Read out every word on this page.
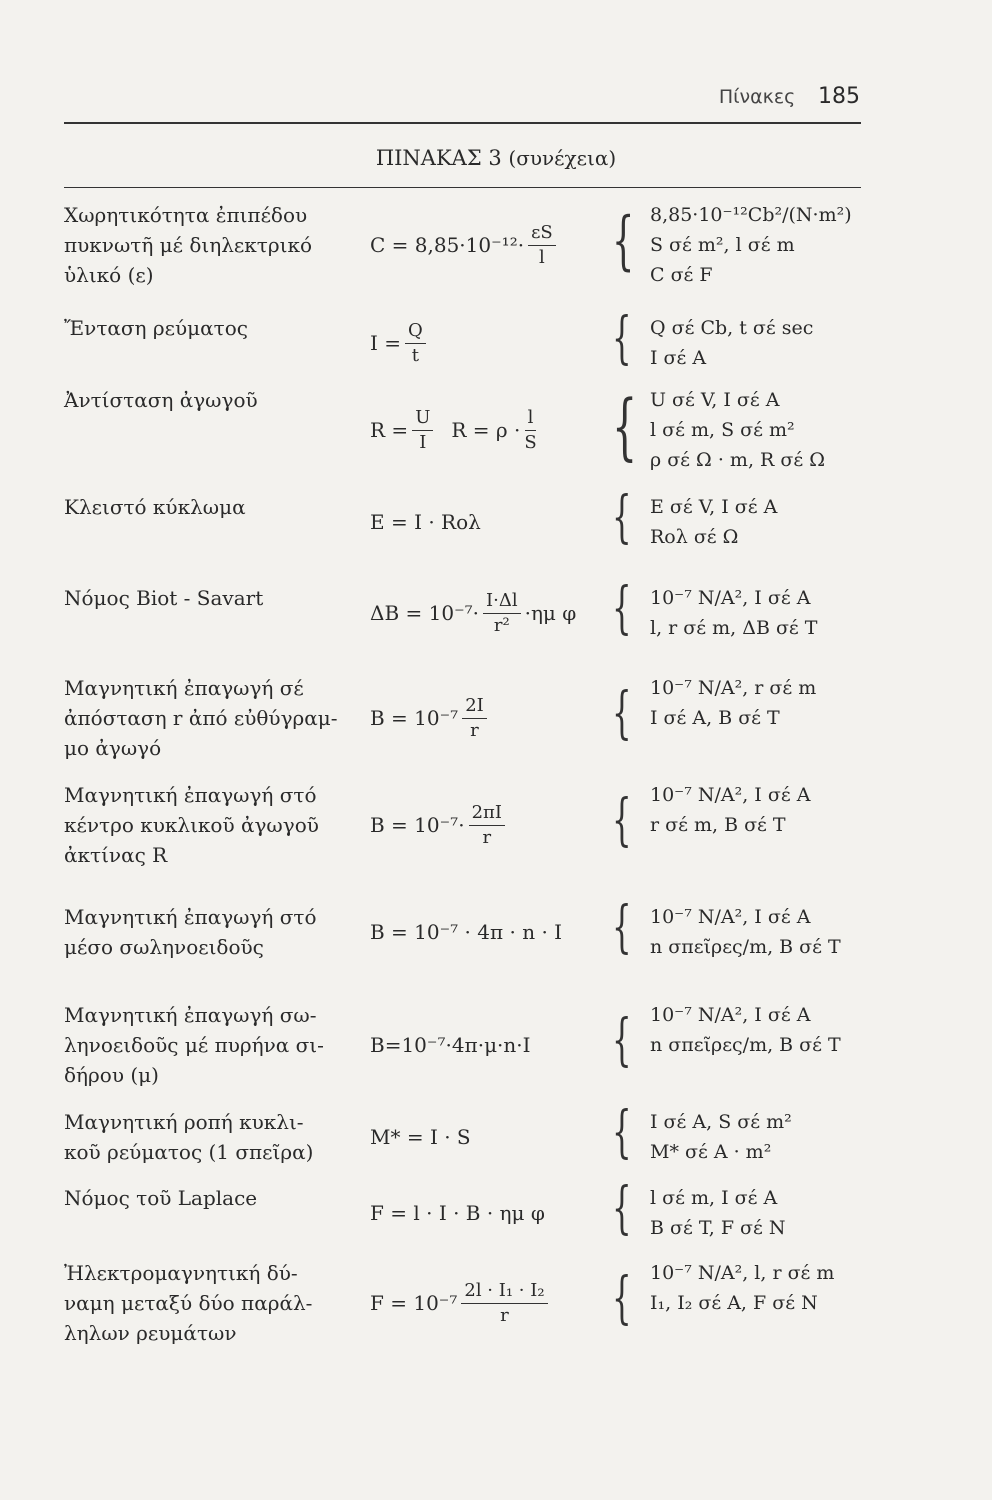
Πίνακες 185
ΠΙΝΑΚΑΣ 3 (συνέχεια)
Χωρητικότητα ἐπιπέδου
πυκνωτῆ μέ διηλεκτρικό
ὑλικό (ε)
$C = 8,85\cdot 10^{-12}\cdot \frac{\varepsilon S}{l}$ { 8,85·10⁻¹²Cb²/(N·m²)
S σέ m², l σέ m
C σέ F
Ἔνταση ρεύματος
$I = \frac{Q}{t}$	{ Q σέ Cb, t σέ sec
I σέ A
Ἀντίσταση ἀγωγοῦ
$R = \frac{U}{I}$ $R = \rho \cdot \frac{l}{S}$ { U σέ V, I σέ A
l σέ m, S σέ m²
ρ σέ Ω · m, R σέ Ω
Κλειστό κύκλωμα
E = I · Rολ { E σέ V, I σέ A
Rολ σέ Ω
Νόμος Biot - Savart
$\Delta B = 10^{-7}\cdot \frac{I\cdot\Delta l}{\text{r²}} \cdot\eta\mu$ φ { 10⁻⁷ N/A², I σέ A
l, r σέ m, ΔB σέ T
Μαγνητική ἐπαγωγή σέ
ἀπόσταση r ἀπό εὐθύγραμ-
μο ἀγωγό
$B = 10^{-7} \frac{2I}{r}$ { 10⁻⁷ N/A², r σέ m
I σέ A, B σέ T
Μαγνητική ἐπαγωγή στό
κέντρο κυκλικοῦ ἀγωγοῦ
ἀκτίνας R
$B = 10^{-7}\cdot \frac{2\pi I}{r}$ { 10⁻⁷ N/A², I σέ A
r σέ m, B σέ T
Μαγνητική ἐπαγωγή στό
μέσο σωληνοειδοῦς
B = 10⁻⁷ · 4π · n · I { 10⁻⁷ N/A², I σέ A
n σπεῖρες/m, B σέ T
Μαγνητική ἐπαγωγή σω-
ληνοειδοῦς μέ πυρήνα σι-
δήρου (μ)
B=10⁻⁷·4π·μ·n·I { 10⁻⁷ N/A², I σέ A
n σπεῖρες/m, B σέ T
Μαγνητική ροπή κυκλι-
κοῦ ρεύματος (1 σπεῖρα)
M* = I · S	{ I σέ A, S σέ m²
M* σέ A · m²
Νόμος τοῦ Laplace
F = l · I · B · ημ φ { l σέ m, I σέ A
B σέ T, F σέ N
Ἠλεκτρομαγνητική δύ-
ναμη μεταξύ δύο παράλ-
ληλων ρευμάτων
$F = 10^{-7} \frac{\text{2l · I₁ · I₂}}{r}$ { 10⁻⁷ N/A², l, r σέ m
I₁, I₂ σέ A, F σέ N
